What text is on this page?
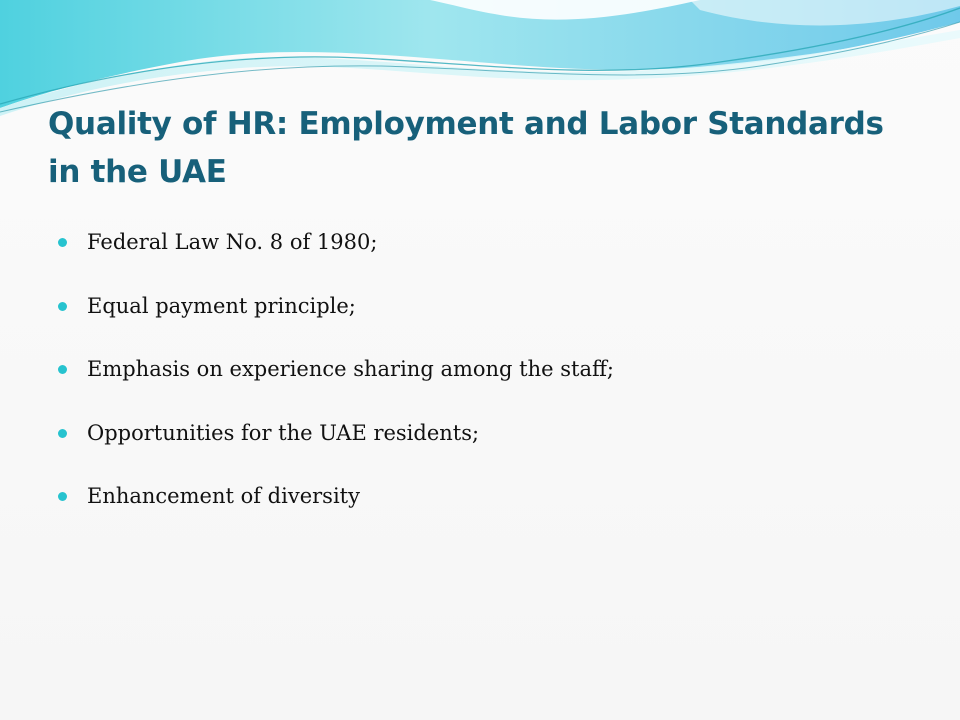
Quality of HR: Employment and Labor Standards in the UAE
Federal Law No. 8 of 1980;
Equal payment principle;
Emphasis on experience sharing among the staff;
Opportunities for the UAE residents;
Enhancement of diversity
